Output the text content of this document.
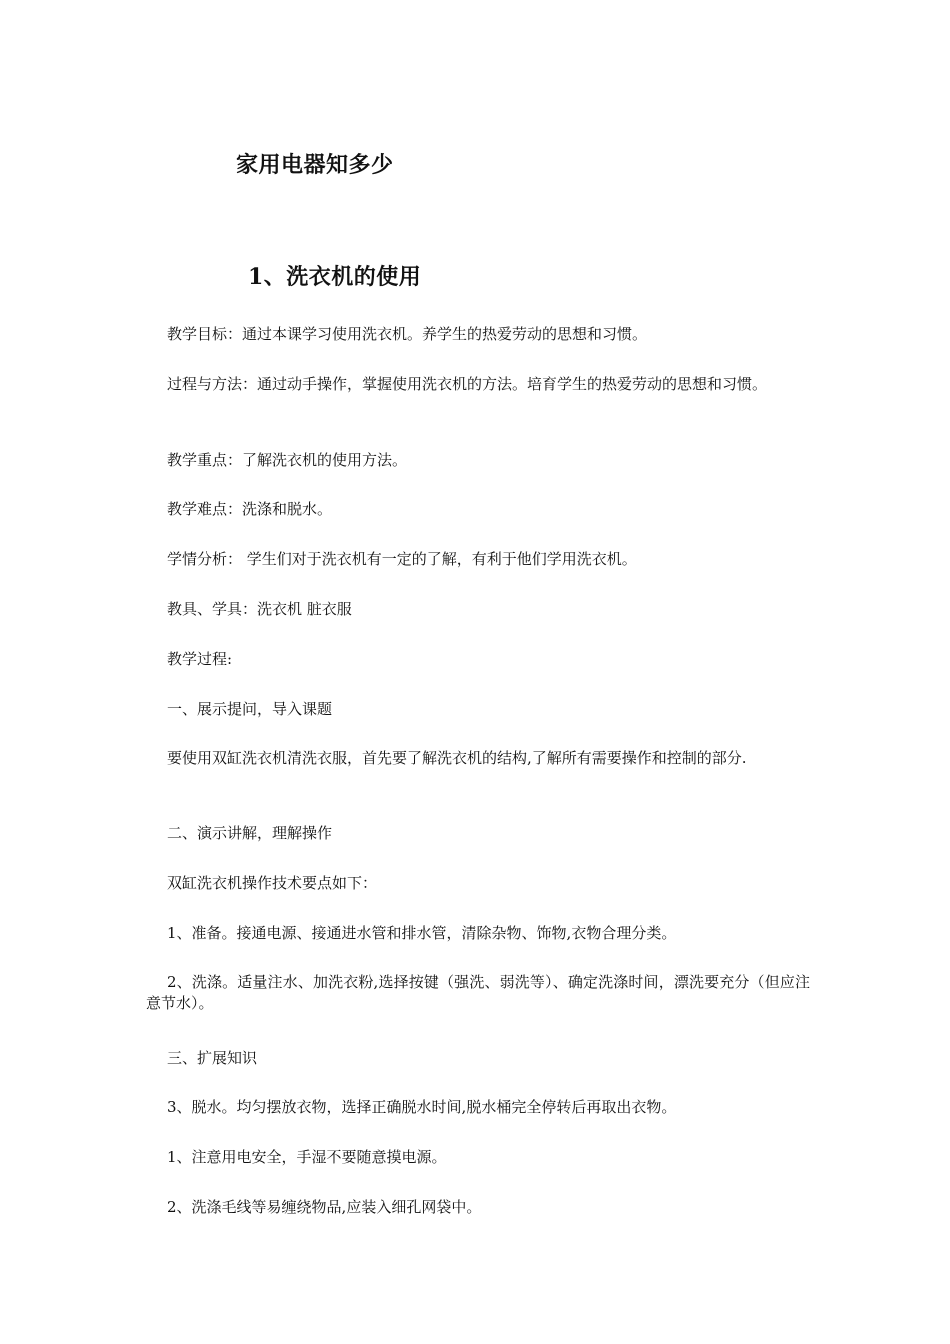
家用电器知多少
1、洗衣机的使用
教学目标：通过本课学习使用洗衣机。养学生的热爱劳动的思想和习惯。
过程与方法：通过动手操作，掌握使用洗衣机的方法。培育学生的热爱劳动的思想和习惯。
教学重点：了解洗衣机的使用方法。
教学难点：洗涤和脱水。
学情分析： 学生们对于洗衣机有一定的了解，有利于他们学用洗衣机。
教具、学具：洗衣机 脏衣服
教学过程:
一、展示提问，导入课题
要使用双缸洗衣机清洗衣服，首先要了解洗衣机的结构,了解所有需要操作和控制的部分.
二、演示讲解，理解操作
双缸洗衣机操作技术要点如下：
1、准备。接通电源、接通进水管和排水管，清除杂物、饰物,衣物合理分类。
2、洗涤。适量注水、加洗衣粉,选择按键（强洗、弱洗等）、确定洗涤时间，漂洗要充分（但应注意节水）。
三、扩展知识
3、脱水。均匀摆放衣物，选择正确脱水时间,脱水桶完全停转后再取出衣物。
1、注意用电安全，手湿不要随意摸电源。
2、洗涤毛线等易缠绕物品,应装入细孔网袋中。
